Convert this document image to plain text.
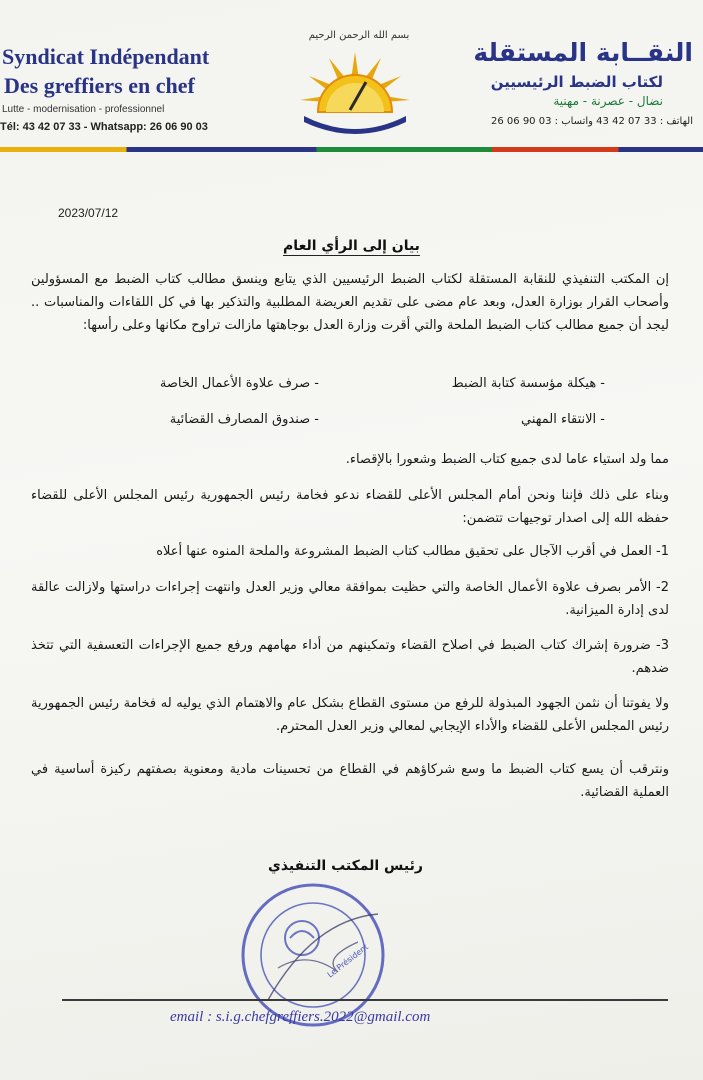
Syndicat Indépendant
Des greffiers en chef
Lutte - modernisation - professionnel
Tél: 43 42 07 33 - Whatsapp: 26 06 90 03
بسم الله الرحمن الرحيم
النقــابة المستقلة
لكتاب الضبط الرئيسيين
نضال - عصرنة - مهنية
الهاتف : 33 07 42 43 واتساب : 03 90 06 26
2023/07/12
بيان إلى الرأي العام
إن المكتب التنفيذي للنقابة المستقلة لكتاب الضبط الرئيسيين الذي يتابع وينسق مطالب كتاب الضبط مع المسؤولين وأصحاب القرار بوزارة العدل، وبعد عام مضى على تقديم العريضة المطلبية والتذكير بها في كل اللقاءات والمناسبات .. ليجد أن جميع مطالب كتاب الضبط الملحة والتي أقرت وزارة العدل بوجاهتها مازالت تراوح مكانها وعلى رأسها:
- هيكلة مؤسسة كتابة الضبط
- صرف علاوة الأعمال الخاصة
- الانتقاء المهني
- صندوق المصارف القضائية
مما ولد استياء عاما لدى جميع كتاب الضبط وشعورا بالإقصاء.
وبناء على ذلك فإننا ونحن أمام المجلس الأعلى للقضاء ندعو فخامة رئيس الجمهورية رئيس المجلس الأعلى للقضاء حفظه الله إلى اصدار توجيهات تتضمن:
1- العمل في أقرب الآجال على تحقيق مطالب كتاب الضبط المشروعة والملحة المنوه عنها أعلاه
2- الأمر بصرف علاوة الأعمال الخاصة والتي حظيت بموافقة معالي وزير العدل وانتهت إجراءات دراستها ولازالت عالقة لدى إدارة الميزانية.
3- ضرورة إشراك كتاب الضبط في اصلاح القضاء وتمكينهم من أداء مهامهم ورفع جميع الإجراءات التعسفية التي تتخذ ضدهم.
ولا يفوتنا أن نثمن الجهود المبذولة للرفع من مستوى القطاع بشكل عام والاهتمام الذي يوليه له فخامة رئيس الجمهورية رئيس المجلس الأعلى للقضاء والأداء الإيجابي لمعالي وزير العدل المحترم.
ونترقب أن يسع كتاب الضبط ما وسع شركاؤهم في القطاع من تحسينات مادية ومعنوية بصفتهم ركيزة أساسية في العملية القضائية.
رئيس المكتب التنفيذي
Le Président
email : s.i.g.chefgreffiers.2022@gmail.com
